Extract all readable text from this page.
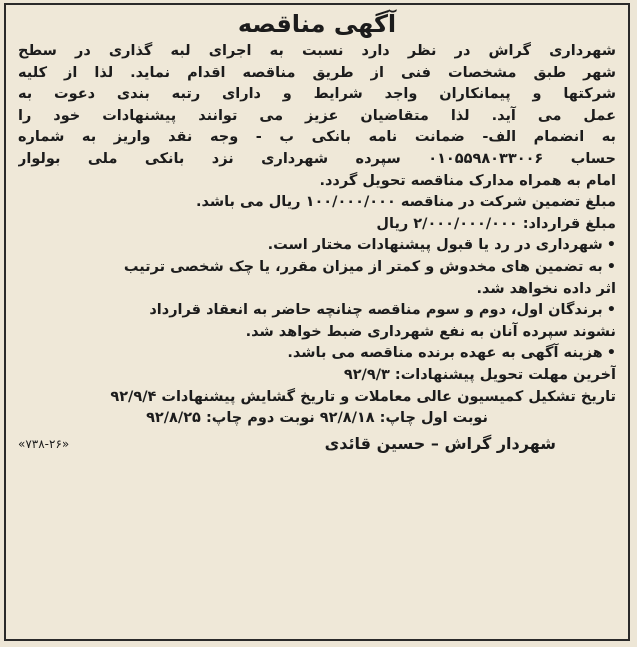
آگهی مناقصه
شهرداری گراش در نظر دارد نسبت به اجرای لبه گذاری در سطح
شهر طبق مشخصات فنی از طریق مناقصه اقدام نماید. لذا از کلیه
شرکتها و پیمانکاران واجد شرایط و دارای رتبه بندی دعوت به
عمل می آید. لذا متقاضیان عزیز می توانند پیشنهادات خود را
به انضمام الف- ضمانت نامه بانکی ب - وجه نقد واریز به شماره
حساب ۰۱۰۵۵۹۸۰۳۳۰۰۶ سپرده شهرداری نزد بانکی ملی بولوار
امام به همراه مدارک مناقصه تحویل گردد.
مبلغ تضمین شرکت در مناقصه ۱۰۰/۰۰۰/۰۰۰ ریال می باشد.
مبلغ قرارداد: ۲/۰۰۰/۰۰۰/۰۰۰ ریال
•
شهرداری در رد یا قبول پیشنهادات مختار است.
•
به تضمین های مخدوش و کمتر از میزان مقرر، یا چک شخصی ترتیب
اثر داده نخواهد شد.
•
برندگان اول، دوم و سوم مناقصه چنانچه حاضر به انعقاد قرارداد
نشوند سپرده آنان به نفع شهرداری ضبط خواهد شد.
•
هزینه آگهی به عهده برنده مناقصه می باشد.
آخرین مهلت تحویل پیشنهادات: ۹۲/۹/۳
تاریخ تشکیل کمیسیون عالی معاملات و تاریخ گشایش پیشنهادات ۹۲/۹/۴
نوبت اول چاپ: ۹۲/۸/۱۸ نوبت دوم چاپ: ۹۲/۸/۲۵
شهردار گراش – حسین قائدی
«۷۳۸-۲۶»
